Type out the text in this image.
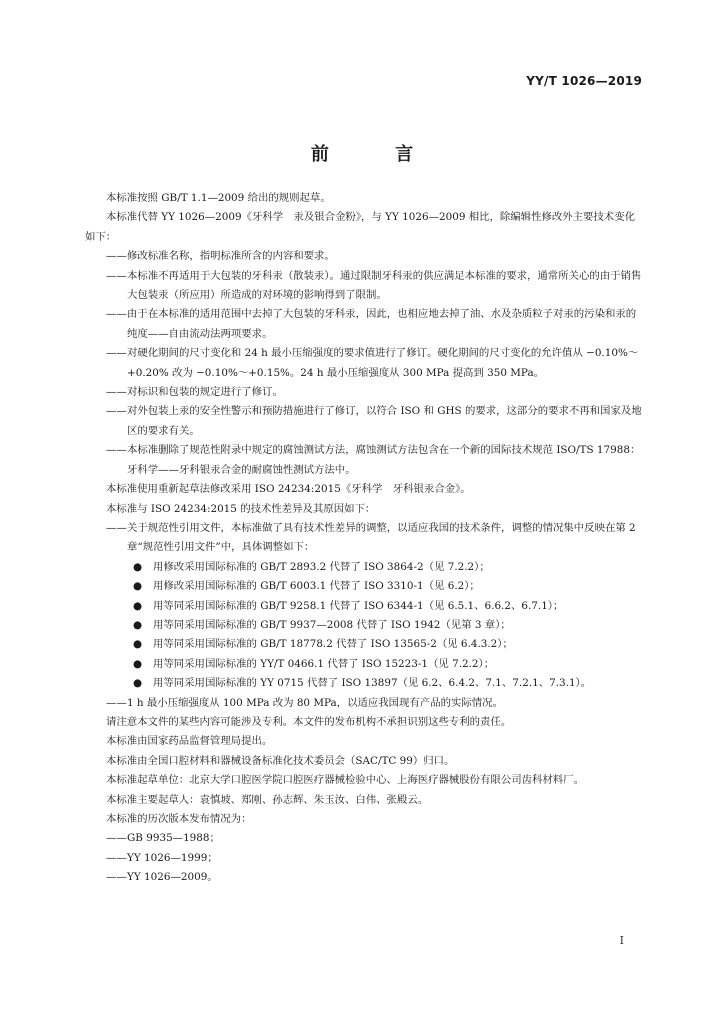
YY/T 1026—2019
前 言

本标准按照 GB/T 1.1—2009 给出的规则起草。

本标准代替 YY 1026—2009《牙科学　汞及银合金粉》，与 YY 1026—2009 相比，除编辑性修改外主要技术变化如下：

——修改标准名称，指明标准所含的内容和要求。

——本标准不再适用于大包装的牙科汞（散装汞）。通过限制牙科汞的供应满足本标准的要求，通常所关心的由于销售大包装汞（所应用）所造成的对环境的影响得到了限制。

——由于在本标准的适用范围中去掉了大包装的牙科汞，因此，也相应地去掉了油、水及杂质粒子对汞的污染和汞的纯度——自由流动法两项要求。

——对硬化期间的尺寸变化和 24 h 最小压缩强度的要求值进行了修订。硬化期间的尺寸变化的允许值从 −0.10%～+0.20% 改为 −0.10%～+0.15%。24 h 最小压缩强度从 300 MPa 提高到 350 MPa。

——对标识和包装的规定进行了修订。

——对外包装上汞的安全性警示和预防措施进行了修订，以符合 ISO 和 GHS 的要求，这部分的要求不再和国家及地区的要求有关。

——本标准删除了规范性附录中规定的腐蚀测试方法，腐蚀测试方法包含在一个新的国际技术规范 ISO/TS 17988：牙科学——牙科银汞合金的耐腐蚀性测试方法中。

本标准使用重新起草法修改采用 ISO 24234:2015《牙科学　牙科银汞合金》。

本标准与 ISO 24234:2015 的技术性差异及其原因如下：

——关于规范性引用文件，本标准做了具有技术性差异的调整，以适应我国的技术条件，调整的情况集中反映在第 2 章“规范性引用文件”中，具体调整如下：

● 用修改采用国际标准的 GB/T 2893.2 代替了 ISO 3864-2（见 7.2.2）；

● 用修改采用国际标准的 GB/T 6003.1 代替了 ISO 3310-1（见 6.2）；

● 用等同采用国际标准的 GB/T 9258.1 代替了 ISO 6344-1（见 6.5.1、6.6.2、6.7.1）；

● 用等同采用国际标准的 GB/T 9937—2008 代替了 ISO 1942（见第 3 章）；

● 用等同采用国际标准的 GB/T 18778.2 代替了 ISO 13565-2（见 6.4.3.2）；

● 用等同采用国际标准的 YY/T 0466.1 代替了 ISO 15223-1（见 7.2.2）；

● 用等同采用国际标准的 YY 0715 代替了 ISO 13897（见 6.2、6.4.2、7.1、7.2.1、7.3.1）。

——1 h 最小压缩强度从 100 MPa 改为 80 MPa，以适应我国现有产品的实际情况。

请注意本文件的某些内容可能涉及专利。本文件的发布机构不承担识别这些专利的责任。

本标准由国家药品监督管理局提出。

本标准由全国口腔材料和器械设备标准化技术委员会（SAC/TC 99）归口。

本标准起草单位：北京大学口腔医学院口腔医疗器械检验中心、上海医疗器械股份有限公司齿科材料厂。

本标准主要起草人：袁慎坡、郑刚、孙志辉、朱玉汝、白伟、张殿云。

本标准的历次版本发布情况为：

——GB 9935—1988；

——YY 1026—1999；

——YY 1026—2009。

I
